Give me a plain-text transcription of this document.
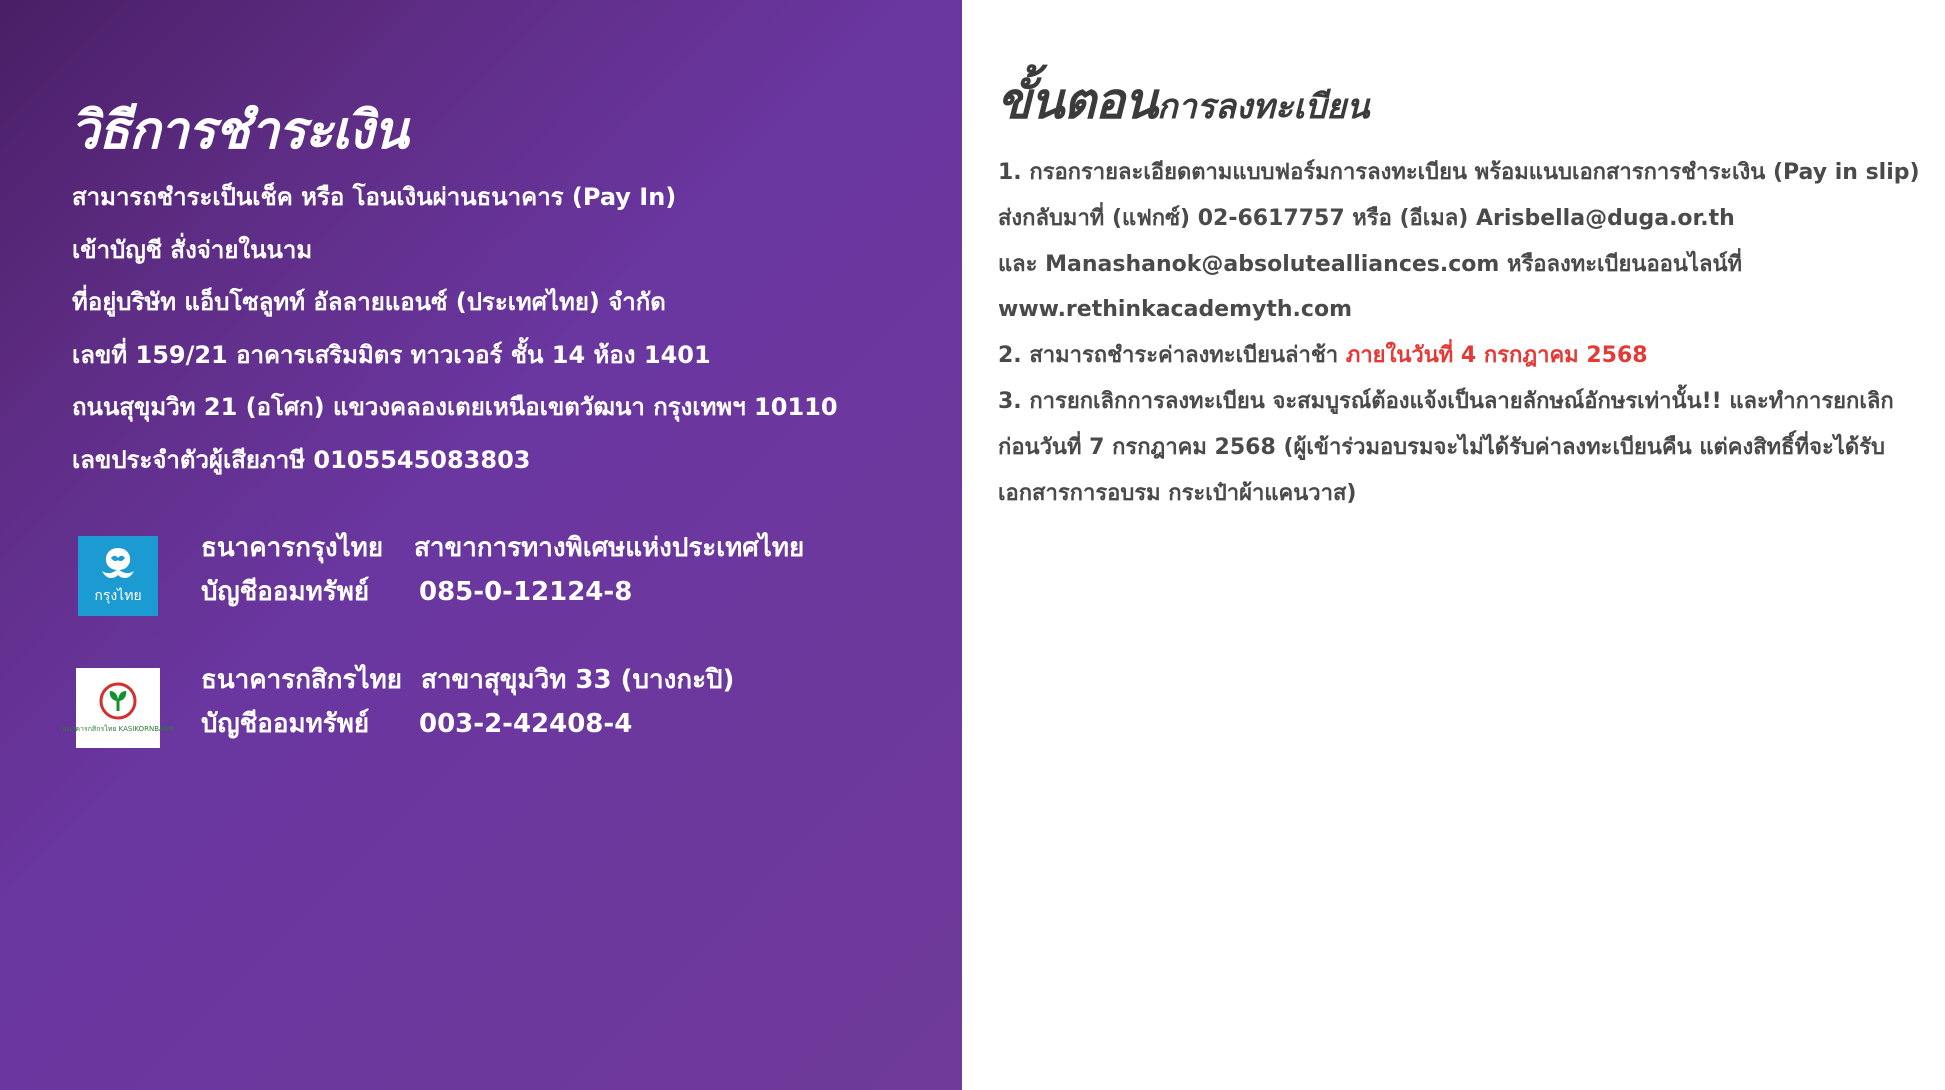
วิธีการชำระเงิน
สามารถชำระเป็นเช็ค หรือ โอนเงินผ่านธนาคาร (Pay In)
เข้าบัญชี สั่งจ่ายในนาม
ที่อยู่บริษัท แอ็บโซลูทท์ อัลลายแอนซ์ (ประเทศไทย) จำกัด
เลขที่ 159/21 อาคารเสริมมิตร ทาวเวอร์ ชั้น 14 ห้อง 1401
ถนนสุขุมวิท 21 (อโศก) แขวงคลองเตยเหนือเขตวัฒนา กรุงเทพฯ 10110
เลขประจำตัวผู้เสียภาษี 0105545083803
กรุงไทย
ธนาคารกรุงไทย สาขาการทางพิเศษแห่งประเทศไทย
บัญชีออมทรัพย์ 085-0-12124-8
ธนาคารกสิกรไทย KASIKORNBANK
ธนาคารกสิกรไทย สาขาสุขุมวิท 33 (บางกะปิ)
บัญชีออมทรัพย์ 003-2-42408-4
ขั้นตอนการลงทะเบียน
1. กรอกรายละเอียดตามแบบฟอร์มการลงทะเบียน พร้อมแนบเอกสารการชำระเงิน (Pay in slip)
ส่งกลับมาที่ (แฟกซ์) 02-6617757 หรือ (อีเมล) Arisbella@duga.or.th
และ Manashanok@absolutealliances.com หรือลงทะเบียนออนไลน์ที่
www.rethinkacademyth.com
2. สามารถชำระค่าลงทะเบียนล่าช้า ภายในวันที่ 4 กรกฎาคม 2568
3. การยกเลิกการลงทะเบียน จะสมบูรณ์ต้องแจ้งเป็นลายลักษณ์อักษรเท่านั้น!! และทำการยกเลิก
ก่อนวันที่ 7 กรกฎาคม 2568 (ผู้เข้าร่วมอบรมจะไม่ได้รับค่าลงทะเบียนคืน แต่คงสิทธิ์ที่จะได้รับ
เอกสารการอบรม กระเป๋าผ้าแคนวาส)
